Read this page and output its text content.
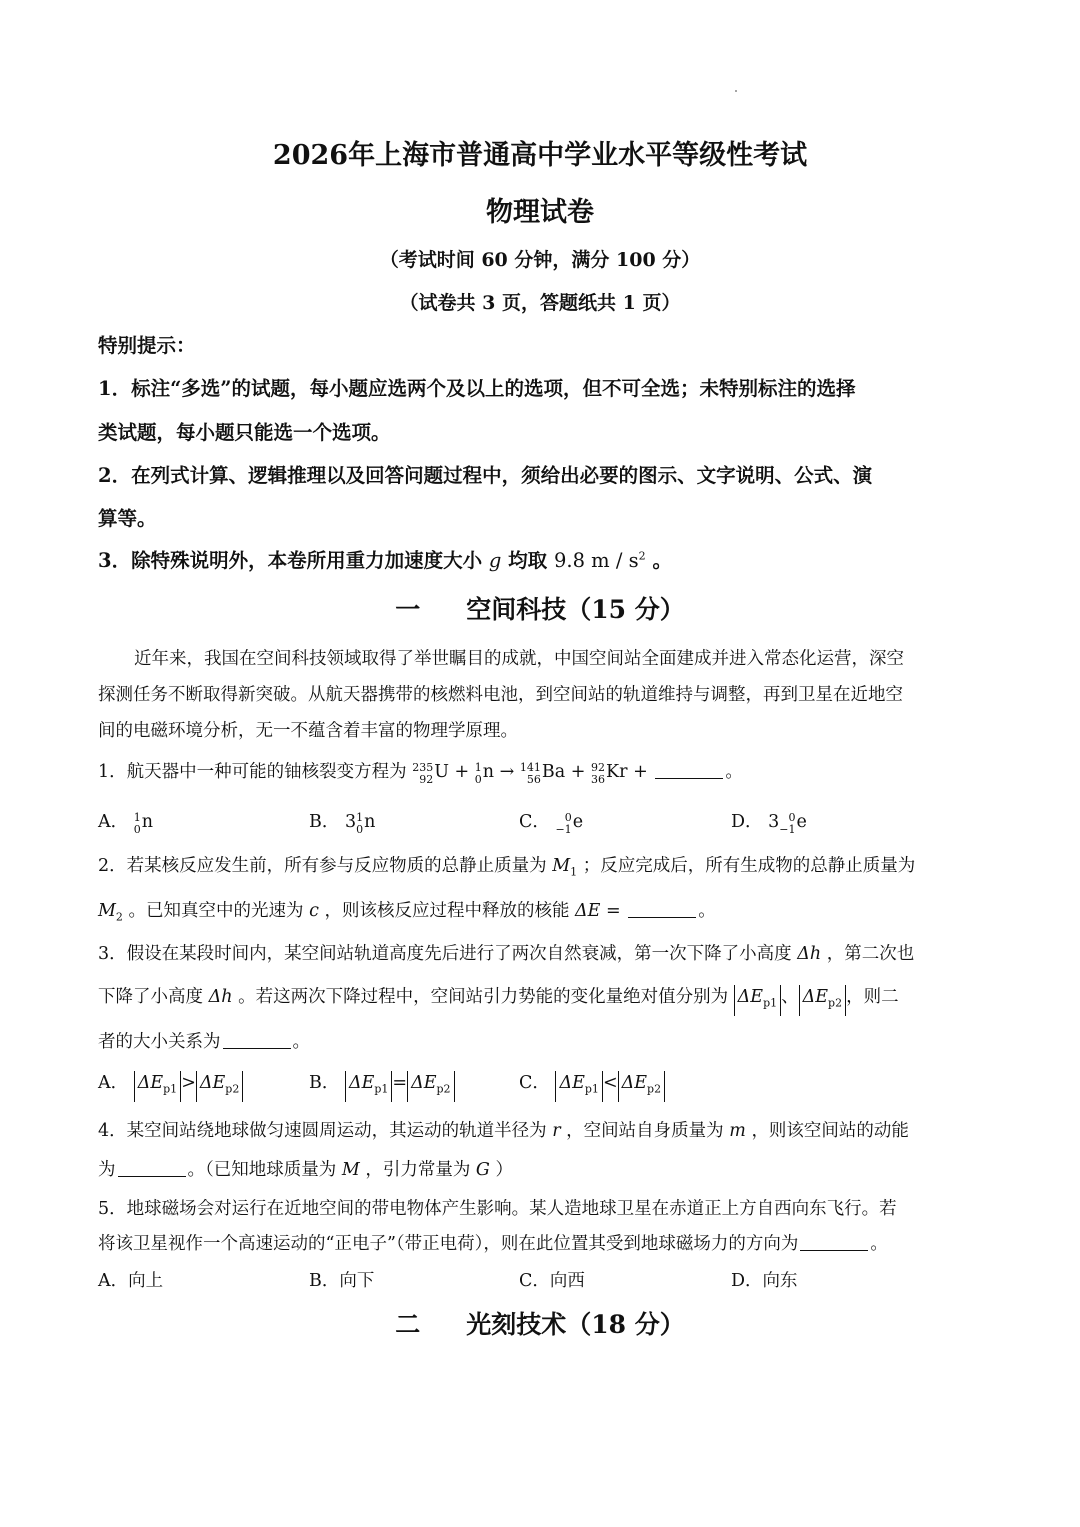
2026年上海市普通高中学业水平等级性考试
物理试卷
（考试时间 60 分钟，满分 100 分）
（试卷共 3 页，答题纸共 1 页）
特别提示：
1．标注“多选”的试题，每小题应选两个及以上的选项，但不可全选；未特别标注的选择
类试题，每小题只能选一个选项。
2．在列式计算、逻辑推理以及回答问题过程中，须给出必要的图示、文字说明、公式、演
算等。
3．除特殊说明外，本卷所用重力加速度大小 g 均取 9.8 m / $s^2$ 。
一 空间科技（15 分）
近年来，我国在空间科技领域取得了举世瞩目的成就，中国空间站全面建成并进入常态化运营，深空
探测任务不断取得新突破。从航天器携带的核燃料电池，到空间站的轨道维持与调整，再到卫星在近地空
间的电磁环境分析，无一不蕴含着丰富的物理学原理。
1．航天器中一种可能的铀核裂变方程为 235
92 U + 1
0 n → 141
56 Ba + 92
36 Kr +	。
A． 1
0 n	B． 3 1
0 n	C．	0
−1 e	D． 3 0
−1 e
2．若某核反应发生前，所有参与反应物质的总静止质量为 $M_1$ ；反应完成后，所有生成物的总静止质量为
$M_2$ 。已知真空中的光速为 c ，则该核反应过程中释放的核能 ΔE =	。
3．假设在某段时间内，某空间站轨道高度先后进行了两次自然衰减，第一次下降了小高度 Δh ，第二次也
下降了小高度 Δh 。若这两次下降过程中，空间站引力势能的变化量绝对值分别为 $\Delta E_{p1}$ 、 $\Delta E_{p2}$ ，则二
者的大小关系为	。
A． $\Delta E_{p1} > \Delta E_{p2}$	B． $\Delta E_{p1} = \Delta E_{p2}$	C． $\Delta E_{p1} < \Delta E_{p2}$
4．某空间站绕地球做匀速圆周运动，其运动的轨道半径为 r ，空间站自身质量为 m ，则该空间站的动能
为	。（已知地球质量为 M ，引力常量为 G ）
5．地球磁场会对运行在近地空间的带电物体产生影响。某人造地球卫星在赤道正上方自西向东飞行。若
将该卫星视作一个高速运动的“正电子”（带正电荷），则在此位置其受到地球磁场力的方向为	。
A．向上	B．向下	C．向西	D．向东
二 光刻技术（18 分）
